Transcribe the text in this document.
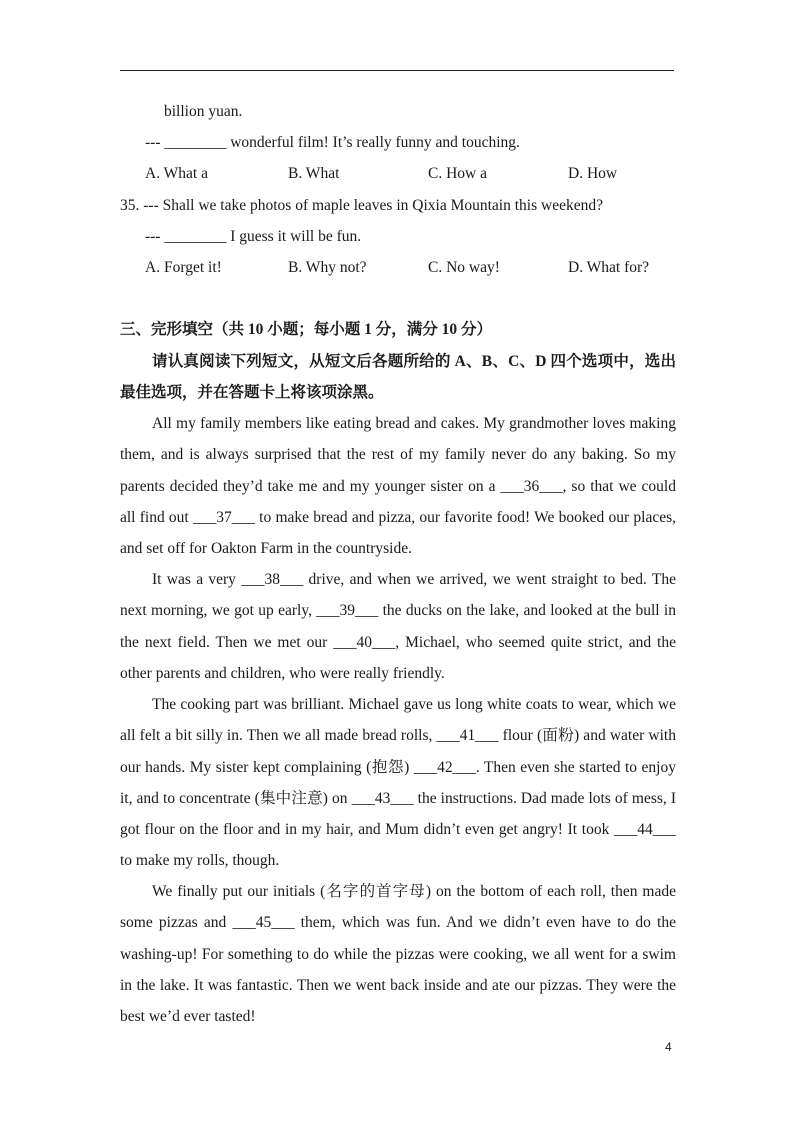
billion yuan.
--- ________ wonderful film! It’s really funny and touching.
A. What a	B. What	C. How a	D. How
35. --- Shall we take photos of maple leaves in Qixia Mountain this weekend?
--- ________ I guess it will be fun.
A. Forget it!	B. Why not?	C. No way!	D. What for?
三、完形填空（共 10 小题；每小题 1 分，满分 10 分）
请认真阅读下列短文，从短文后各题所给的 A、B、C、D 四个选项中，选出最佳选项，并在答题卡上将该项涂黑。
All my family members like eating bread and cakes. My grandmother loves making them, and is always surprised that the rest of my family never do any baking. So my parents decided they’d take me and my younger sister on a ___36___, so that we could all find out ___37___ to make bread and pizza, our favorite food! We booked our places, and set off for Oakton Farm in the countryside.
It was a very ___38___ drive, and when we arrived, we went straight to bed. The next morning, we got up early, ___39___ the ducks on the lake, and looked at the bull in the next field. Then we met our ___40___, Michael, who seemed quite strict, and the other parents and children, who were really friendly.
The cooking part was brilliant. Michael gave us long white coats to wear, which we all felt a bit silly in. Then we all made bread rolls, ___41___ flour (面粉) and water with our hands. My sister kept complaining (抱怨) ___42___. Then even she started to enjoy it, and to concentrate (集中注意) on ___43___ the instructions. Dad made lots of mess, I got flour on the floor and in my hair, and Mum didn’t even get angry! It took ___44___ to make my rolls, though.
We finally put our initials (名字的首字母) on the bottom of each roll, then made some pizzas and ___45___ them, which was fun. And we didn’t even have to do the washing-up! For something to do while the pizzas were cooking, we all went for a swim in the lake. It was fantastic. Then we went back inside and ate our pizzas. They were the best we’d ever tasted!
4
